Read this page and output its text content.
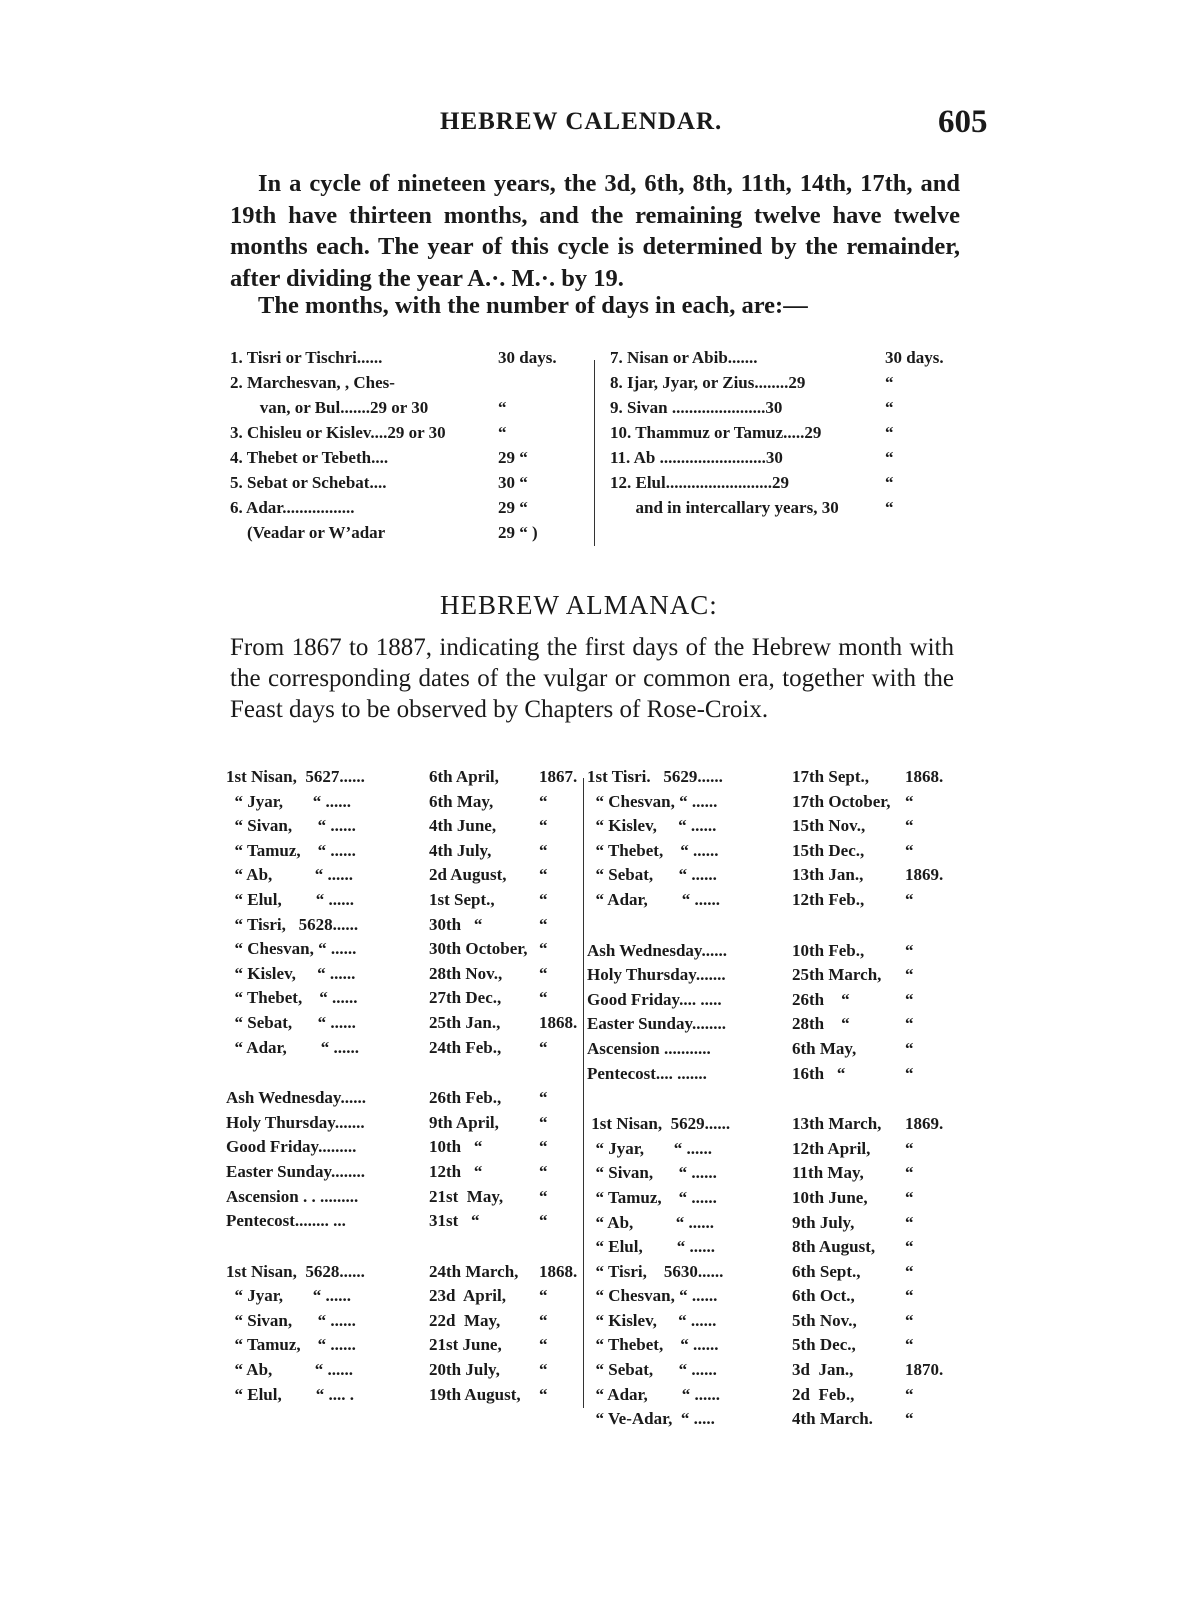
HEBREW CALENDAR.	605

In a cycle of nineteen years, the 3d, 6th, 8th, 11th, 14th, 17th, and 19th have thirteen months, and the remaining twelve have twelve months each. The year of this cycle is determined by the remainder, after dividing the year A.·. M.·. by 19.

The months, with the number of days in each, are:—

1. Tisri or Tischri......	30 days.
2. Marchesvan, , Ches-
van, or Bul.......29 or 30	“
3. Chisleu or Kislev....29 or 30	“
4. Thebet or Tebeth....	29 “
5. Sebat or Schebat....	30 “
6. Adar.................	29 “
(Veadar or W’adar	29 “ )
7. Nisan or Abib.......	30 days.
8. Ijar, Jyar, or Zius........29	“
9. Sivan ......................30	“
10. Thammuz or Tamuz.....29	“
11. Ab .........................30	“
12. Elul.........................29	“
and in intercallary years, 30	“
HEBREW ALMANAC:

From 1867 to 1887, indicating the first days of the Hebrew month with the corresponding dates of the vulgar or common era, together with the Feast days to be observed by Chapters of Rose-Croix.

1st Nisan,  5627......	6th April, 1867.
“ Jyar,       “ ......	6th May,	“
“ Sivan,      “ ......	4th June,	“
“ Tamuz,    “ ......	4th July,	“
“ Ab,          “ ......	2d August, “
“ Elul,        “ ......	1st Sept.,	“
“ Tisri,   5628......	30th   “	“
“ Chesvan, “ ......	30th October, “
“ Kislev,     “ ......	28th Nov., “
“ Thebet,    “ ......	27th Dec., “
“ Sebat,      “ ......	25th Jan., 1868.
“ Adar,        “ ......	24th Feb., “
Ash Wednesday......	26th Feb., “
Holy Thursday.......	9th April, “
Good Friday.........	10th   “	“
Easter Sunday........	12th   “	“
Ascension . . .........	21st  May, “
Pentecost........ ...	31st   “	“
1st Nisan,  5628......	24th March, 1868.
“ Jyar,       “ ......	23d  April, “
“ Sivan,      “ ......	22d  May, “
“ Tamuz,    “ ......	21st June, “
“ Ab,          “ ......	20th July, “
“ Elul,        “ .... .	19th August, “
1st Tisri.   5629......	17th Sept., 1868.
“ Chesvan, “ ......	17th October, “
“ Kislev,     “ ......	15th Nov., “
“ Thebet,    “ ......	15th Dec., “
“ Sebat,      “ ......	13th Jan., 1869.
“ Adar,        “ ......	12th Feb., “
Ash Wednesday......	10th Feb., “
Holy Thursday.......	25th March, “
Good Friday.... .....	26th    “	“
Easter Sunday........	28th    “	“
Ascension ...........	6th May,	“
Pentecost.... .......	16th   “	“
1st Nisan,  5629......	13th March, 1869.
“ Jyar,       “ ......	12th April, “
“ Sivan,      “ ......	11th May, “
“ Tamuz,    “ ......	10th June, “
“ Ab,          “ ......	9th July,	“
“ Elul,        “ ......	8th August, “
“ Tisri,    5630......	6th Sept.,	“
“ Chesvan, “ ......	6th Oct.,	“
“ Kislev,     “ ......	5th Nov.,	“
“ Thebet,    “ ......	5th Dec.,	“
“ Sebat,      “ ......	3d  Jan.,	1870.
“ Adar,        “ ......	2d  Feb.,	“
“ Ve-Adar,  “ .....	4th March. “
